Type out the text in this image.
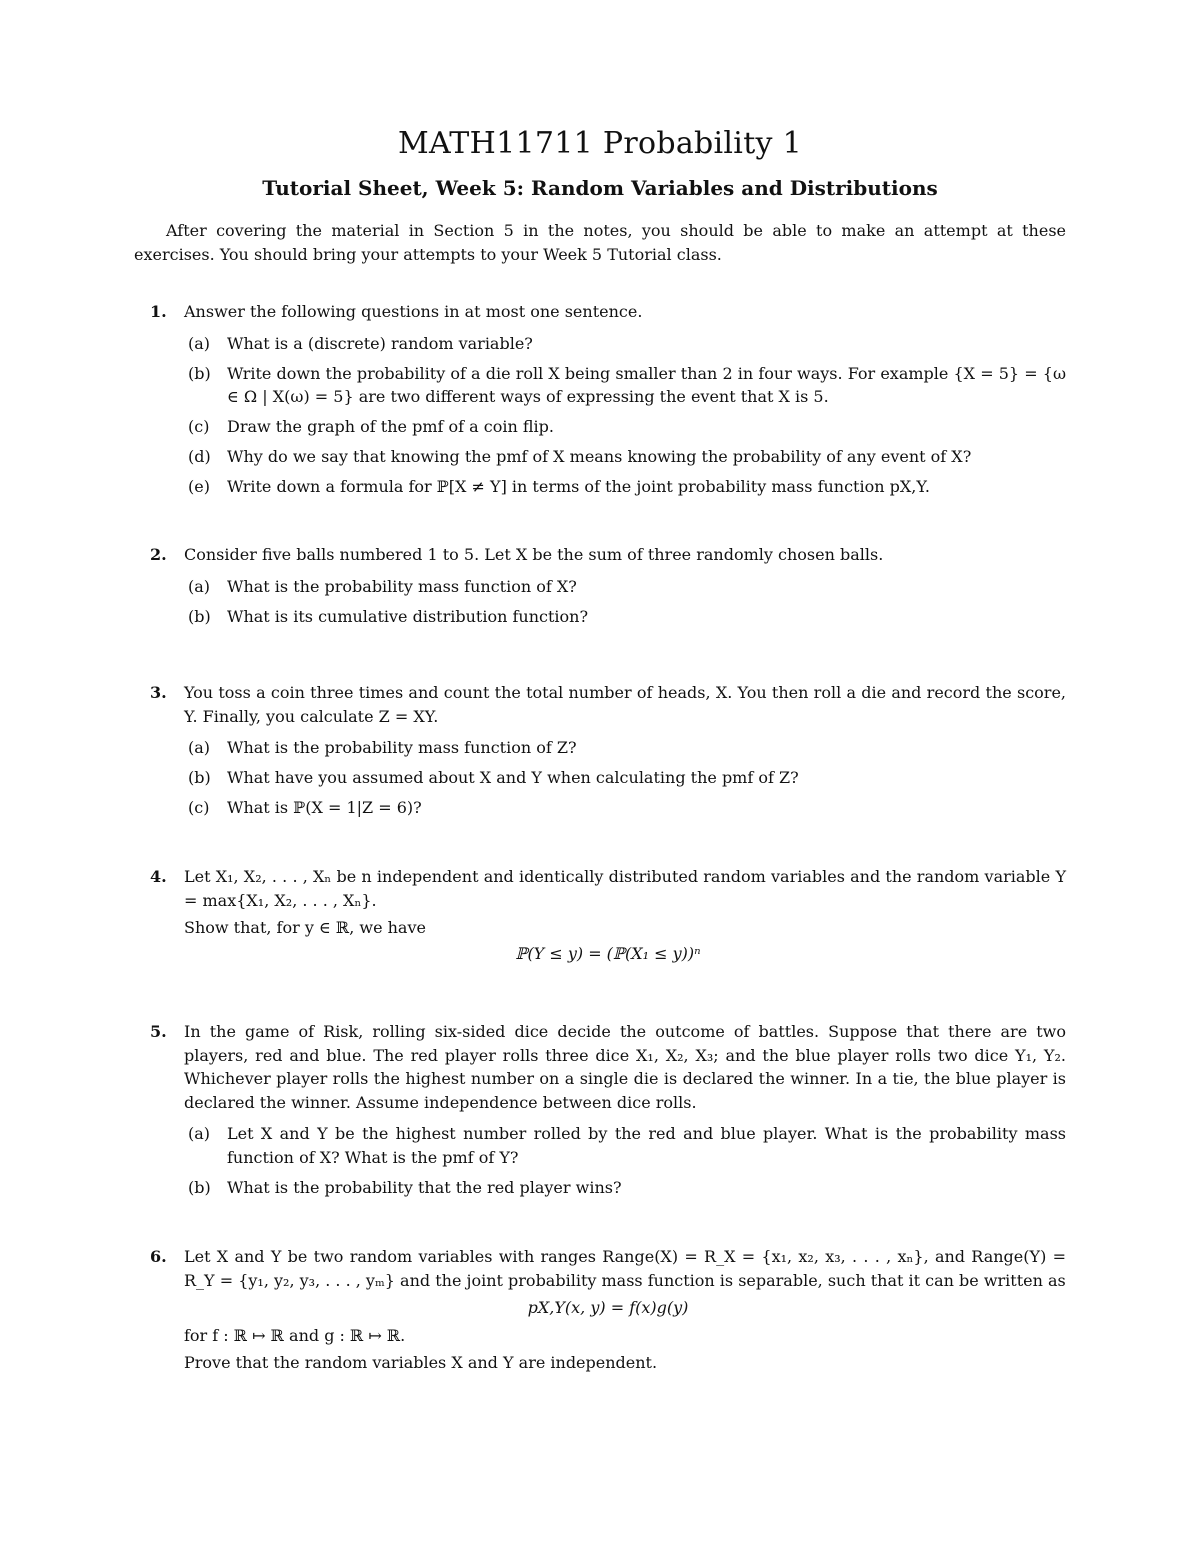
MATH11711 Probability 1
Tutorial Sheet, Week 5: Random Variables and Distributions
After covering the material in Section 5 in the notes, you should be able to make an attempt at these exercises. You should bring your attempts to your Week 5 Tutorial class.
1.	Answer the following questions in at most one sentence.
(a) What is a (discrete) random variable?
(b) Write down the probability of a die roll X being smaller than 2 in four ways. For example {X = 5} = {ω ∈ Ω | X(ω) = 5} are two different ways of expressing the event that X is 5.
(c) Draw the graph of the pmf of a coin flip.
(d) Why do we say that knowing the pmf of X means knowing the probability of any event of X?
(e) Write down a formula for ℙ[X ≠ Y] in terms of the joint probability mass function pX,Y.
2.	Consider five balls numbered 1 to 5. Let X be the sum of three randomly chosen balls.
(a) What is the probability mass function of X?
(b) What is its cumulative distribution function?
3.	You toss a coin three times and count the total number of heads, X. You then roll a die and record the score, Y. Finally, you calculate Z = XY.
(a) What is the probability mass function of Z?
(b) What have you assumed about X and Y when calculating the pmf of Z?
(c) What is ℙ(X = 1|Z = 6)?
4.	Let X₁, X₂, . . . , Xₙ be n independent and identically distributed random variables and the random variable Y = max{X₁, X₂, . . . , Xₙ}.
Show that, for y ∈ ℝ, we have
ℙ(Y ≤ y) = (ℙ(X₁ ≤ y))ⁿ
5.	In the game of Risk, rolling six-sided dice decide the outcome of battles. Suppose that there are two players, red and blue. The red player rolls three dice X₁, X₂, X₃; and the blue player rolls two dice Y₁, Y₂. Whichever player rolls the highest number on a single die is declared the winner. In a tie, the blue player is declared the winner. Assume independence between dice rolls.
(a) Let X and Y be the highest number rolled by the red and blue player. What is the probability mass function of X? What is the pmf of Y?
(b) What is the probability that the red player wins?
6.	Let X and Y be two random variables with ranges Range(X) = R_X = {x₁, x₂, x₃, . . . , xₙ}, and Range(Y) = R_Y = {y₁, y₂, y₃, . . . , yₘ} and the joint probability mass function is separable, such that it can be written as
pX,Y(x, y) = f(x)g(y)
for f : ℝ ↦ ℝ and g : ℝ ↦ ℝ.
Prove that the random variables X and Y are independent.
